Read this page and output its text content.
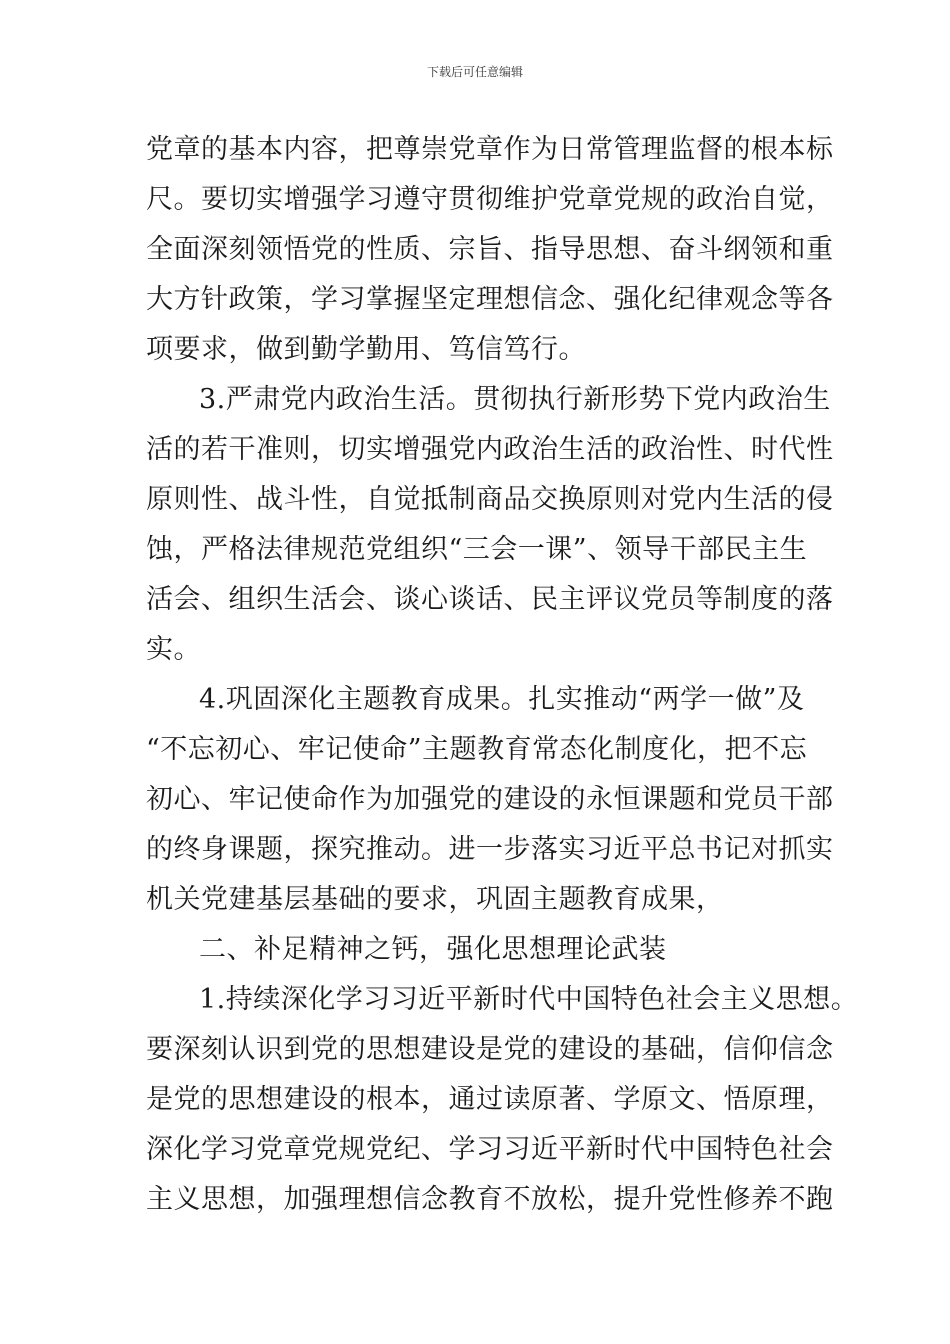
下载后可任意编辑
党章的基本内容，把尊崇党章作为日常管理监督的根本标
尺。要切实增强学习遵守贯彻维护党章党规的政治自觉，
全面深刻领悟党的性质、宗旨、指导思想、奋斗纲领和重
大方针政策，学习掌握坚定理想信念、强化纪律观念等各
项要求，做到勤学勤用、笃信笃行。
3.严肃党内政治生活。贯彻执行新形势下党内政治生
活的若干准则，切实增强党内政治生活的政治性、时代性
原则性、战斗性，自觉抵制商品交换原则对党内生活的侵
蚀，严格法律规范党组织“三会一课”、领导干部民主生
活会、组织生活会、谈心谈话、民主评议党员等制度的落
实。
4.巩固深化主题教育成果。扎实推动“两学一做”及
“不忘初心、牢记使命”主题教育常态化制度化，把不忘
初心、牢记使命作为加强党的建设的永恒课题和党员干部
的终身课题，探究推动。进一步落实习近平总书记对抓实
机关党建基层基础的要求，巩固主题教育成果，
二、补足精神之钙，强化思想理论武装
1.持续深化学习习近平新时代中国特色社会主义思想。
要深刻认识到党的思想建设是党的建设的基础，信仰信念
是党的思想建设的根本，通过读原著、学原文、悟原理，
深化学习党章党规党纪、学习习近平新时代中国特色社会
主义思想，加强理想信念教育不放松，提升党性修养不跑
